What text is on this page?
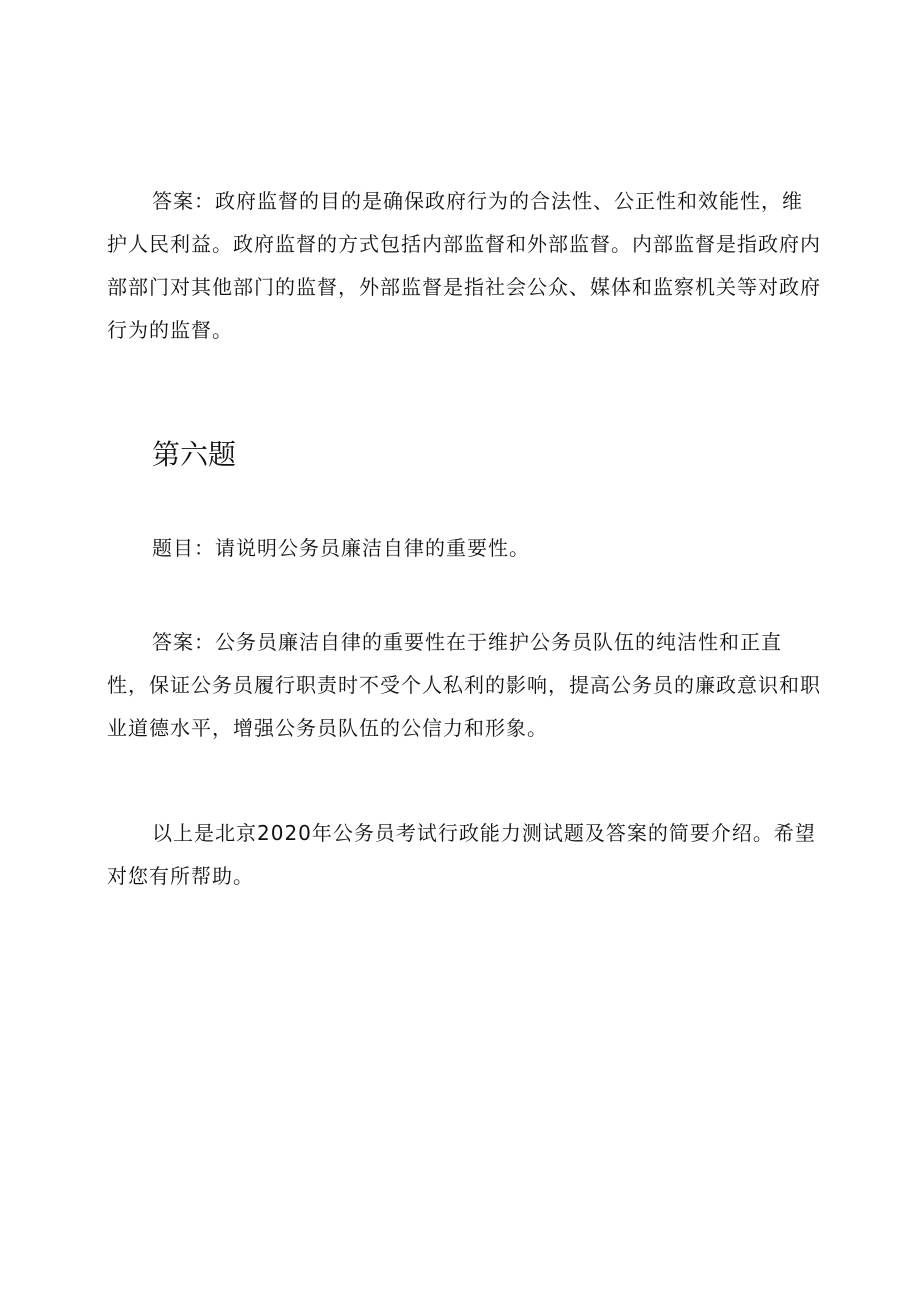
答案：政府监督的目的是确保政府行为的合法性、公正性和效能性，维护人民利益。政府监督的方式包括内部监督和外部监督。内部监督是指政府内部部门对其他部门的监督，外部监督是指社会公众、媒体和监察机关等对政府行为的监督。

第六题

题目：请说明公务员廉洁自律的重要性。

答案：公务员廉洁自律的重要性在于维护公务员队伍的纯洁性和正直性，保证公务员履行职责时不受个人私利的影响，提高公务员的廉政意识和职业道德水平，增强公务员队伍的公信力和形象。

以上是北京2020年公务员考试行政能力测试题及答案的简要介绍。希望对您有所帮助。
